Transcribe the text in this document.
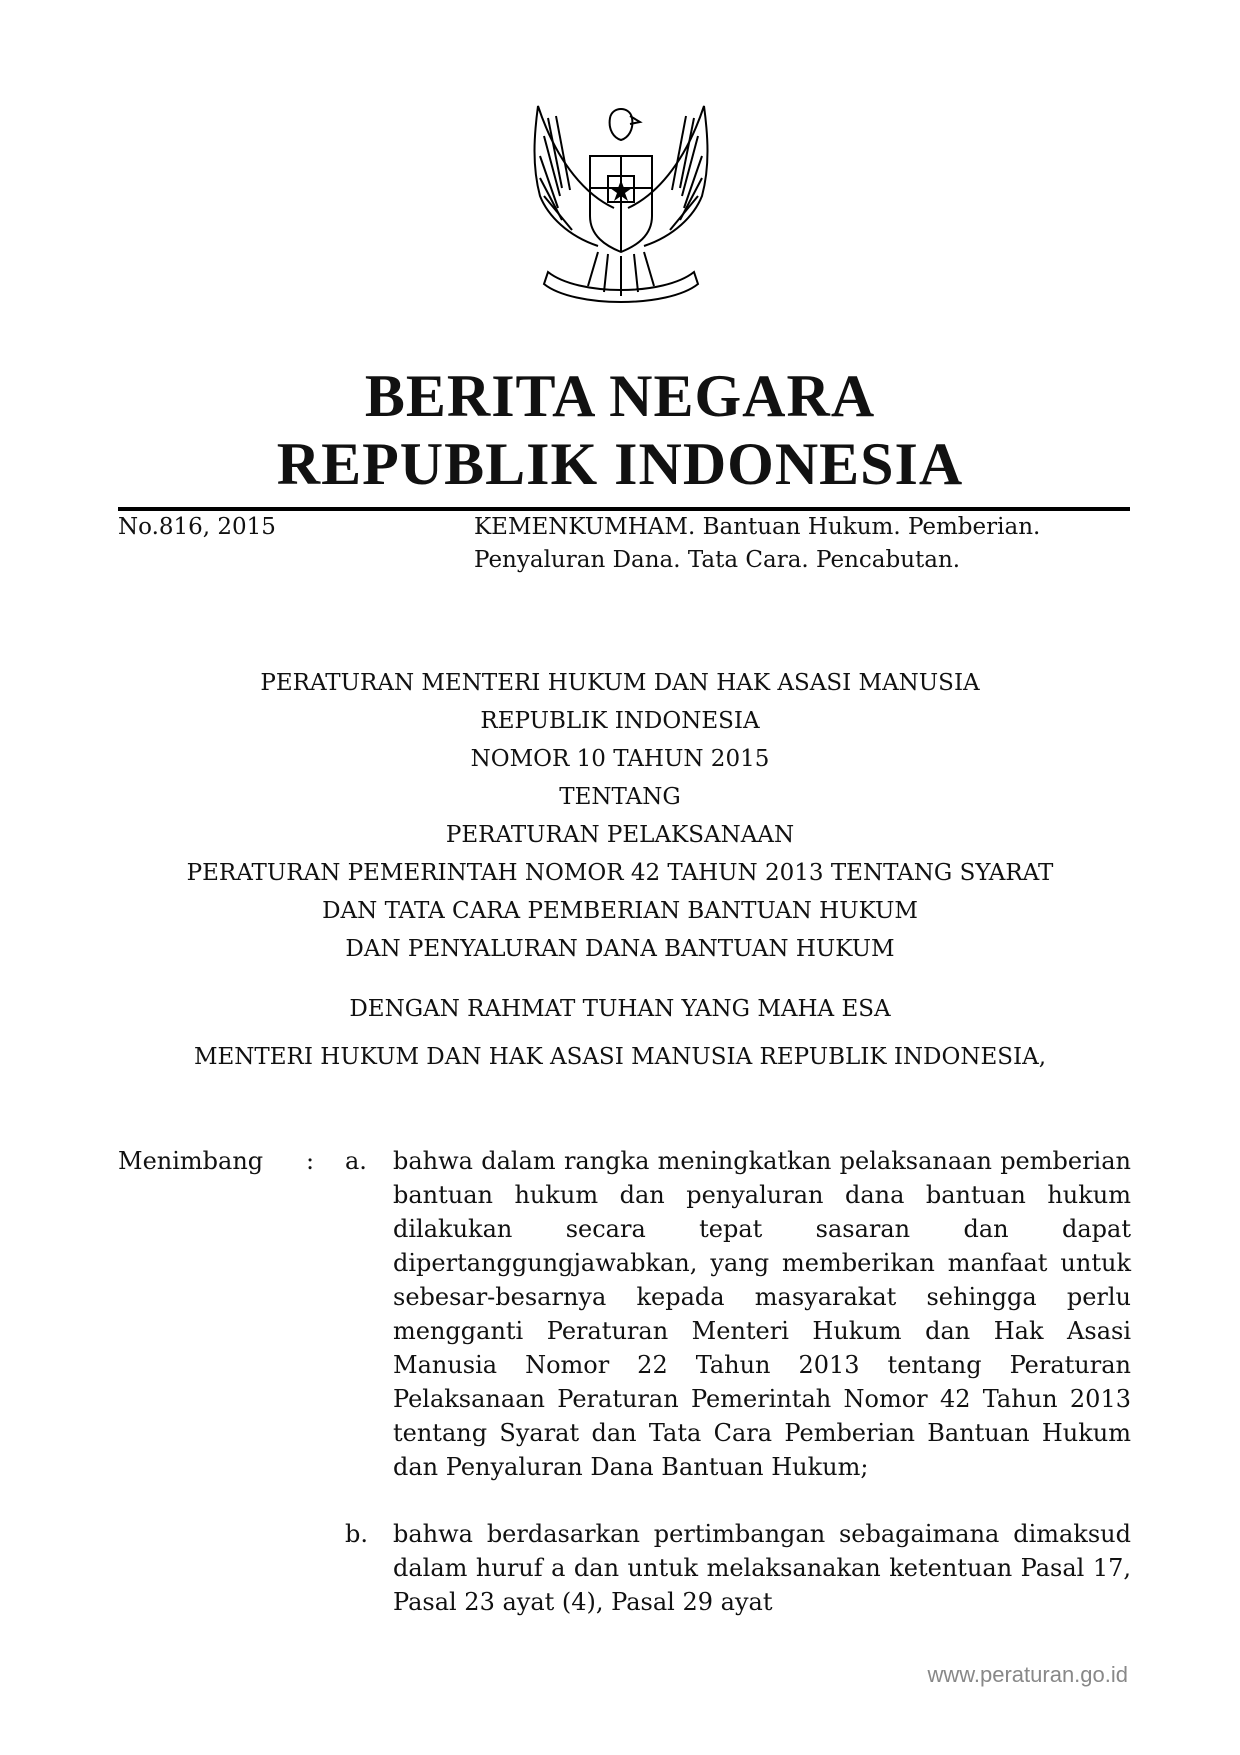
BERITA NEGARA
REPUBLIK INDONESIA
No.816, 2015	KEMENKUMHAM. Bantuan Hukum. Pemberian.
Penyaluran Dana. Tata Cara. Pencabutan.
PERATURAN MENTERI HUKUM DAN HAK ASASI MANUSIA
REPUBLIK INDONESIA
NOMOR 10 TAHUN 2015
TENTANG
PERATURAN PELAKSANAAN
PERATURAN PEMERINTAH NOMOR 42 TAHUN 2013 TENTANG SYARAT
DAN TATA CARA PEMBERIAN BANTUAN HUKUM
DAN PENYALURAN DANA BANTUAN HUKUM
DENGAN RAHMAT TUHAN YANG MAHA ESA
MENTERI HUKUM DAN HAK ASASI MANUSIA REPUBLIK INDONESIA,
Menimbang : a. bahwa dalam rangka meningkatkan pelaksanaan pemberian bantuan hukum dan penyaluran dana bantuan hukum dilakukan secara tepat sasaran dan dapat dipertanggungjawabkan, yang memberikan manfaat untuk sebesar-besarnya kepada masyarakat sehingga perlu mengganti Peraturan Menteri Hukum dan Hak Asasi Manusia Nomor 22 Tahun 2013 tentang Peraturan Pelaksanaan Peraturan Pemerintah Nomor 42 Tahun 2013 tentang Syarat dan Tata Cara Pemberian Bantuan Hukum dan Penyaluran Dana Bantuan Hukum;
b. bahwa berdasarkan pertimbangan sebagaimana dimaksud dalam huruf a dan untuk melaksanakan ketentuan Pasal 17, Pasal 23 ayat (4), Pasal 29 ayat
www.peraturan.go.id
